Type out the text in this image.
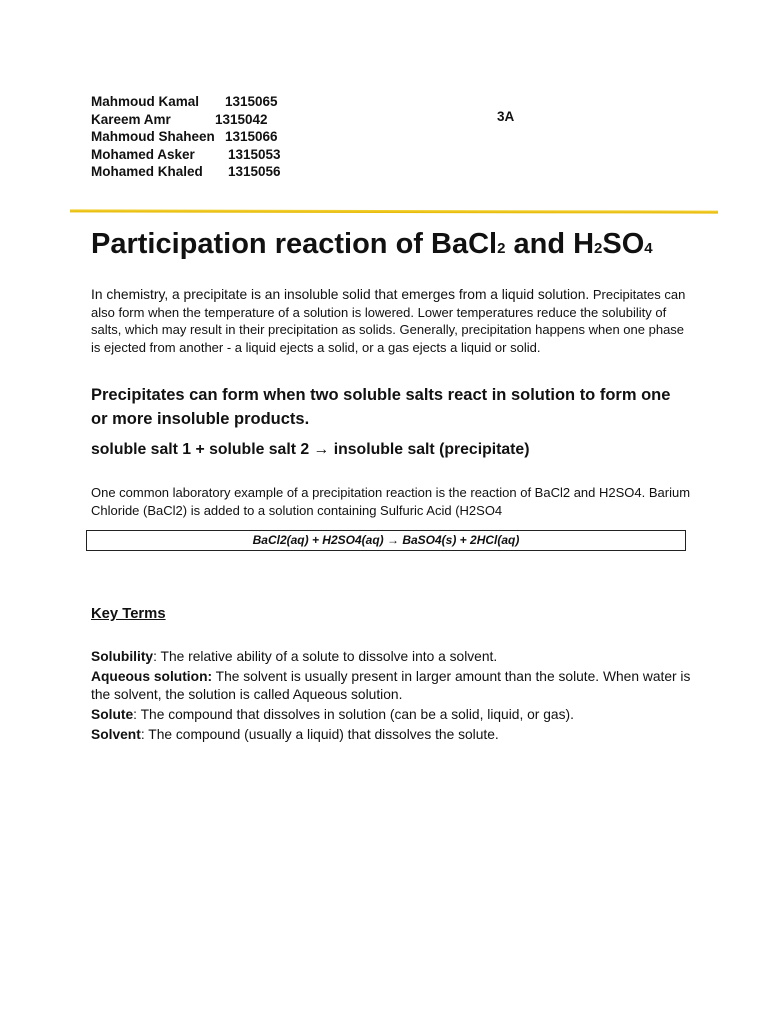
Mahmoud Kamal 1315065
Kareem Amr	1315042
Mahmoud Shaheen 1315066
Mohamed Asker 1315053
Mohamed Khaled 1315056
3A
Participation reaction of BaCl2 and H2SO4
In chemistry, a precipitate is an insoluble solid that emerges from a liquid solution. Precipitates can also form when the temperature of a solution is lowered. Lower temperatures reduce the solubility of salts, which may result in their precipitation as solids. Generally, precipitation happens when one phase is ejected from another - a liquid ejects a solid, or a gas ejects a liquid or solid.
Precipitates can form when two soluble salts react in solution to form one or more insoluble products.
soluble salt 1 + soluble salt 2 → insoluble salt (precipitate)
One common laboratory example of a precipitation reaction is the reaction of BaCl2 and H2SO4. Barium Chloride (BaCl2) is added to a solution containing Sulfuric Acid (H2SO4
BaCl2(aq) + H2SO4(aq) → BaSO4(s) + 2HCl(aq)
Key Terms
Solubility: The relative ability of a solute to dissolve into a solvent.
Aqueous solution: The solvent is usually present in larger amount than the solute. When water is the solvent, the solution is called Aqueous solution.
Solute: The compound that dissolves in solution (can be a solid, liquid, or gas).
Solvent: The compound (usually a liquid) that dissolves the solute.
